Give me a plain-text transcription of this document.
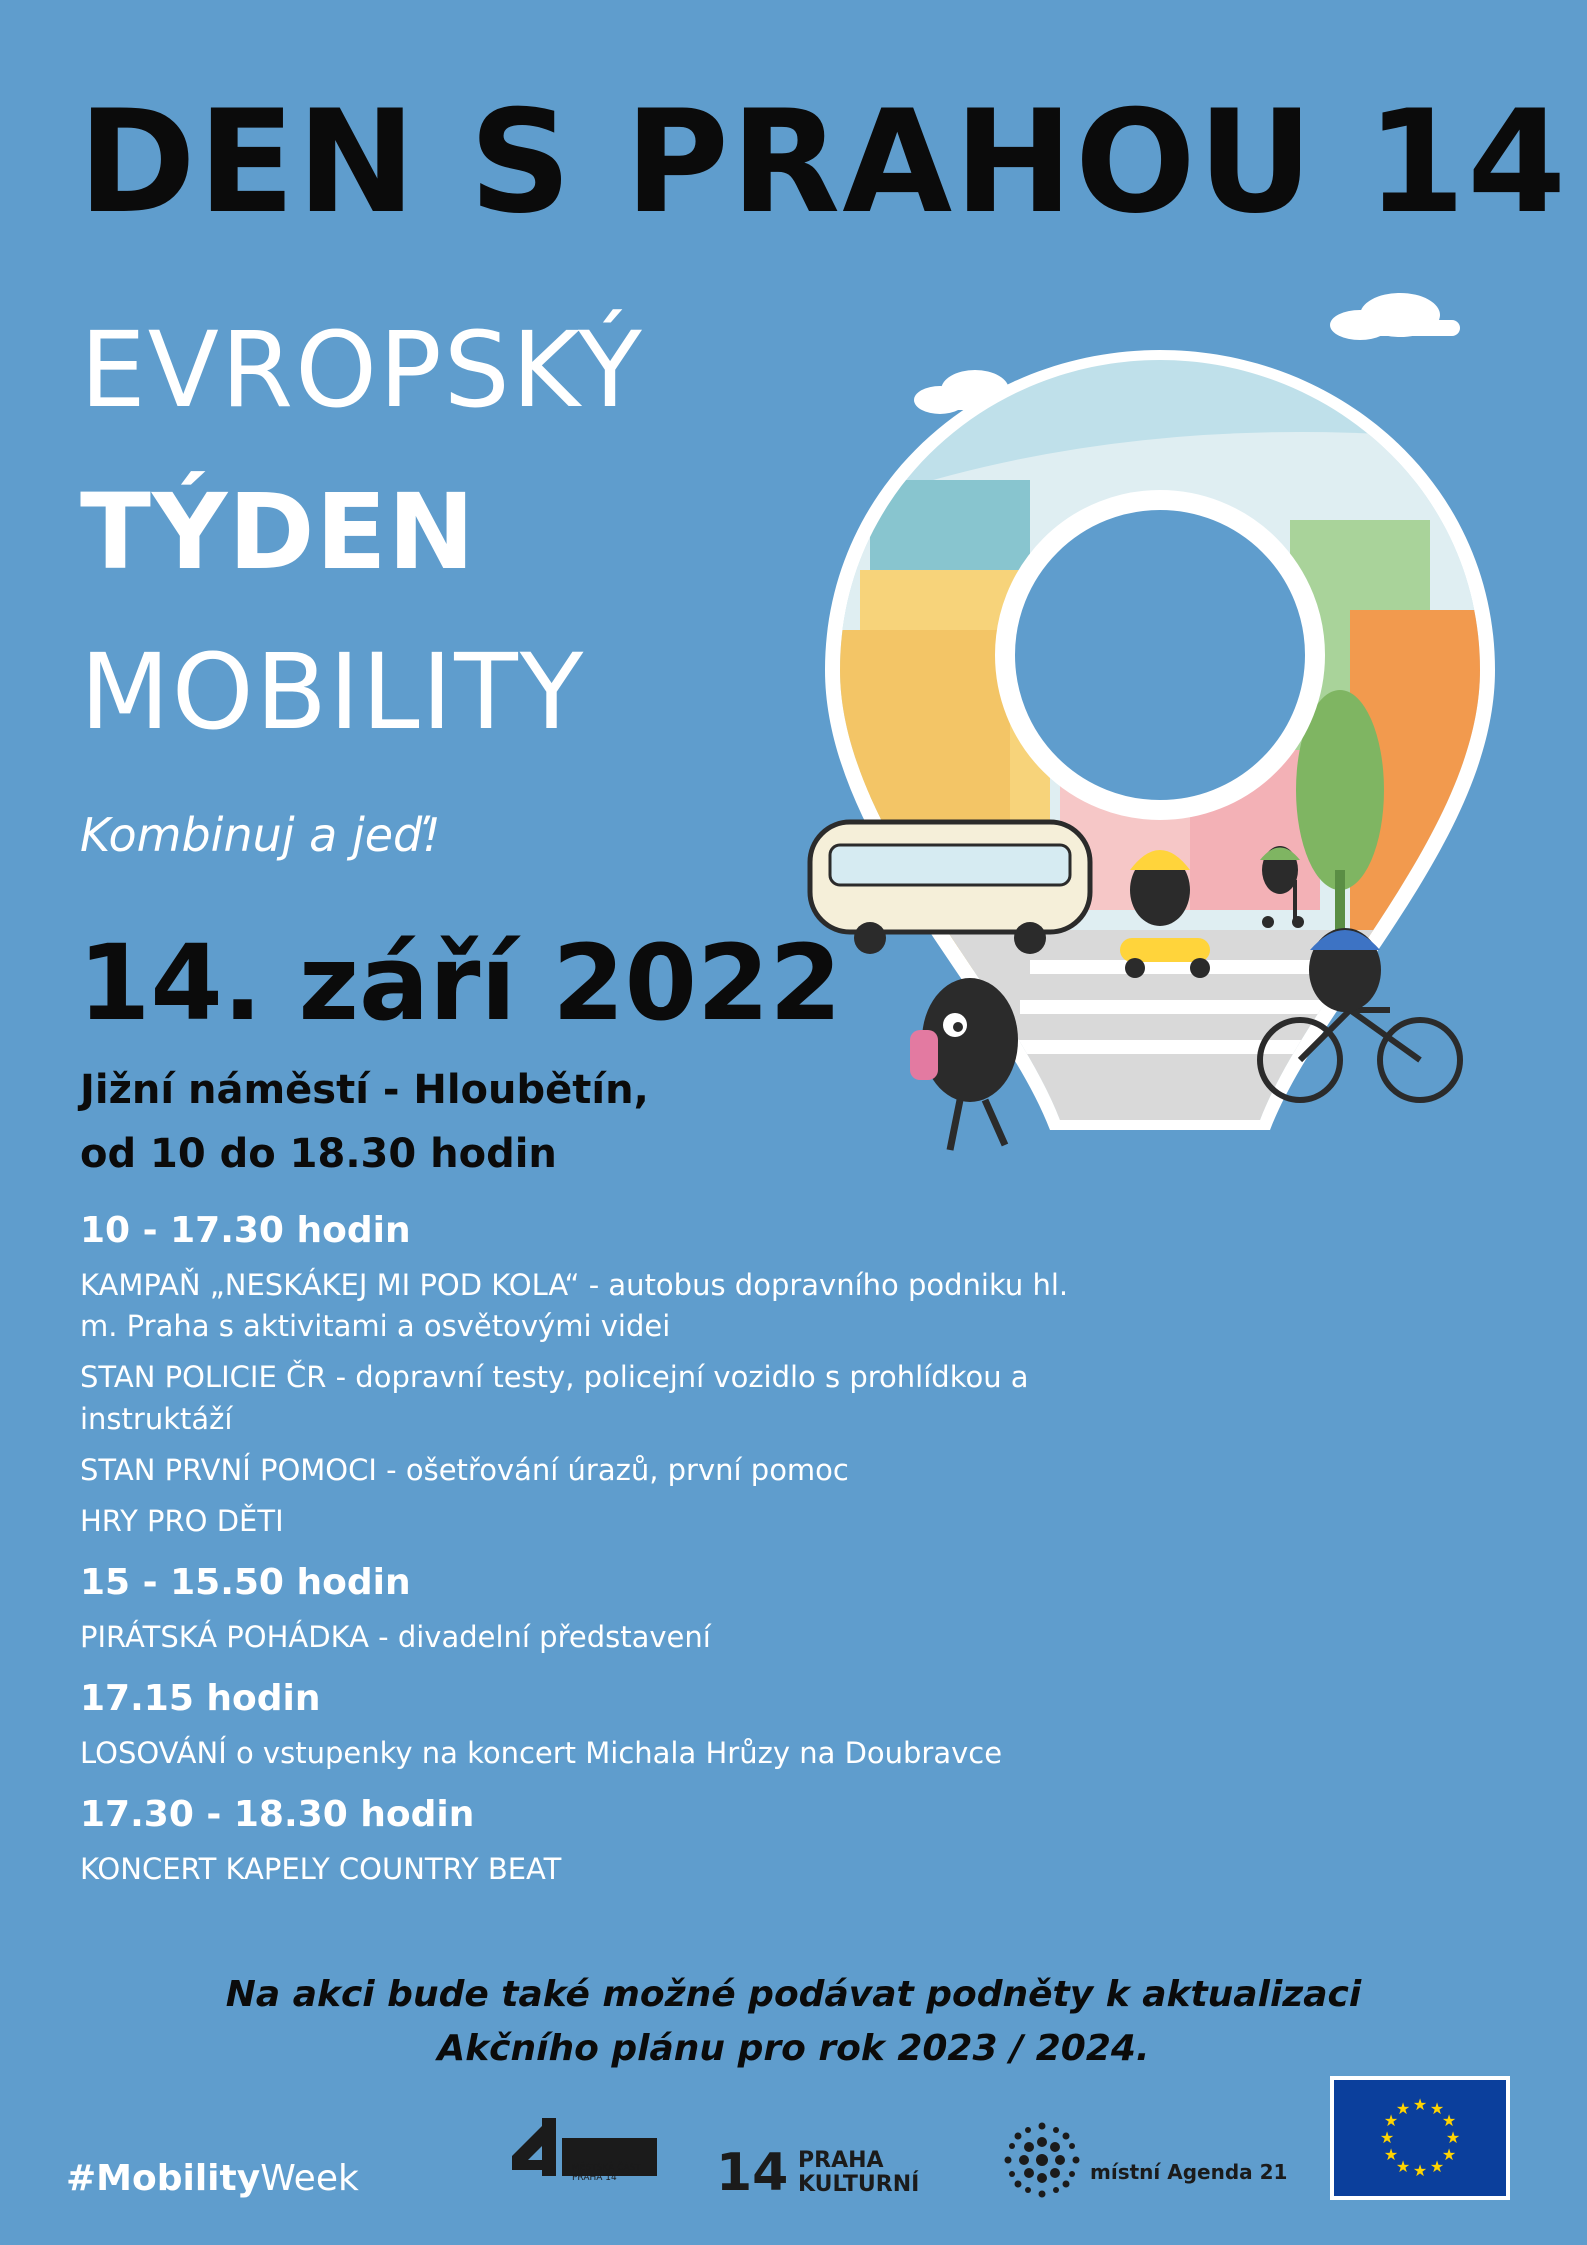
DEN S PRAHOU 14
EVROPSKÝ
TÝDEN
MOBILITY
Kombinuj a jeď!
14. září 2022
Jižní náměstí - Hloubětín,
od 10 do 18.30 hodin
10 - 17.30 hodin
KAMPAŇ „NESKÁKEJ MI POD KOLA“ - autobus dopravního podniku hl. m. Praha s aktivitami a osvětovými videi
STAN POLICIE ČR - dopravní testy, policejní vozidlo s prohlídkou a instruktáží
STAN PRVNÍ POMOCI - ošetřování úrazů, první pomoc
HRY PRO DĚTI
15 - 15.50 hodin
PIRÁTSKÁ POHÁDKA - divadelní představení
17.15 hodin
LOSOVÁNÍ o vstupenky na koncert Michala Hrůzy na Doubravce
17.30 - 18.30 hodin
KONCERT KAPELY COUNTRY BEAT
Na akci bude také možné podávat podněty k aktualizaci
Akčního plánu pro rok 2023 / 2024.
#MobilityWeek	MĚSTSKÁ ČÁST PRAHA 14	14 PRAHA
KULTURNÍ	místní Agenda 21
★ ★
★
★
★
★
★
★
★
★
★
★
